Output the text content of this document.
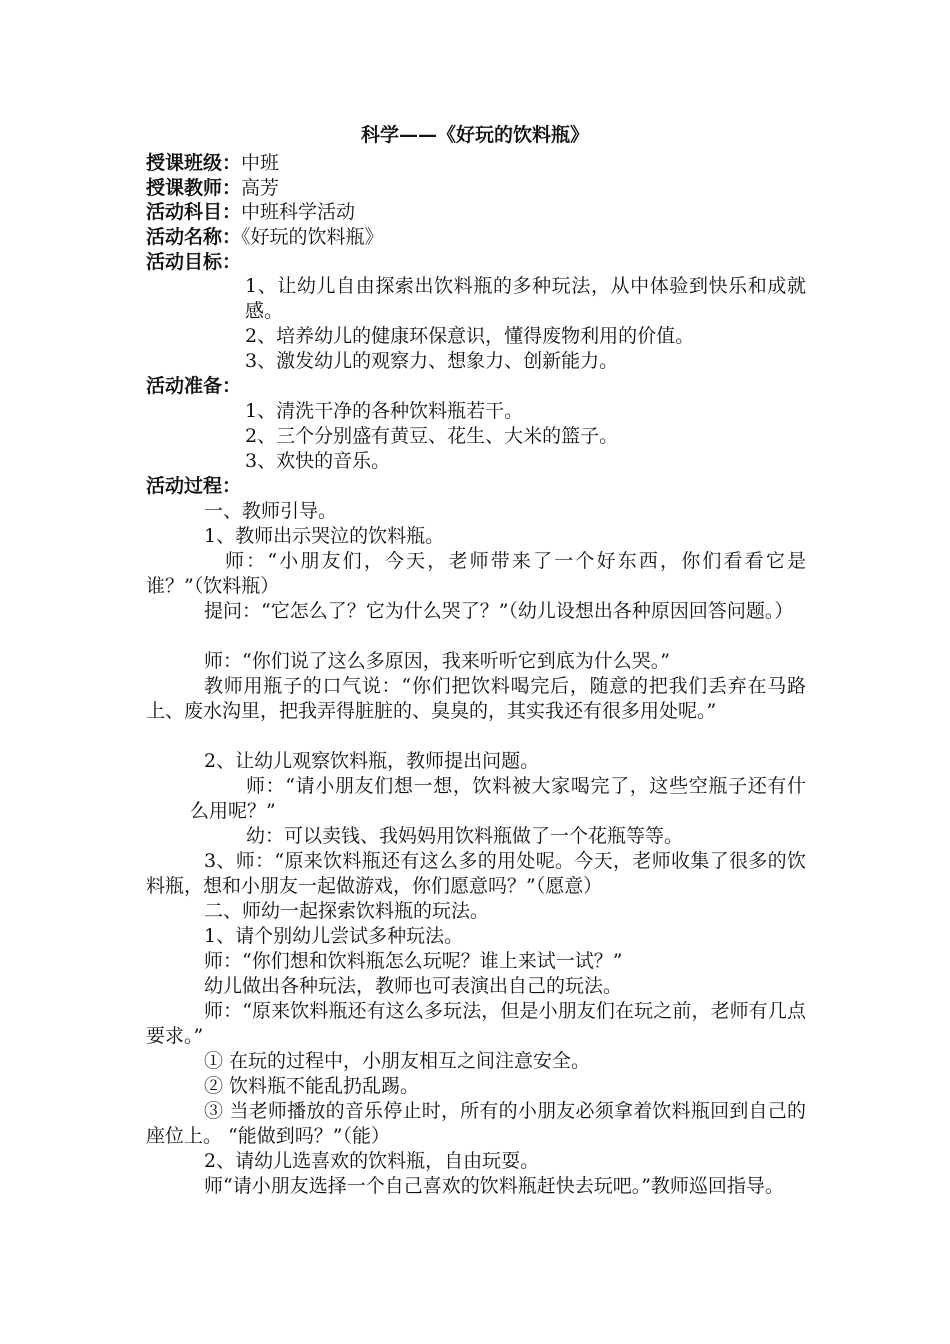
科学——《好玩的饮料瓶》
授课班级：中班
授课教师：高芳
活动科目：中班科学活动
活动名称：《好玩的饮料瓶》
活动目标：

1、让幼儿自由探索出饮料瓶的多种玩法，从中体验到快乐和成就感。

2、培养幼儿的健康环保意识，懂得废物利用的价值。

3、激发幼儿的观察力、想象力、创新能力。

活动准备：

1、清洗干净的各种饮料瓶若干。

2、三个分别盛有黄豆、花生、大米的篮子。

3、欢快的音乐。

活动过程：

一、教师引导。

1、教师出示哭泣的饮料瓶。

师：“小朋友们，今天，老师带来了一个好东西，你们看看它是谁？”（饮料瓶）

提问：“它怎么了？它为什么哭了？”（幼儿设想出各种原因回答问题。）

师：“你们说了这么多原因，我来听听它到底为什么哭。”

教师用瓶子的口气说：“你们把饮料喝完后，随意的把我们丢弃在马路上、废水沟里，把我弄得脏脏的、臭臭的，其实我还有很多用处呢。”

2、让幼儿观察饮料瓶，教师提出问题。

师：“请小朋友们想一想，饮料被大家喝完了，这些空瓶子还有什么用呢？”

幼：可以卖钱、我妈妈用饮料瓶做了一个花瓶等等。

3、师：“原来饮料瓶还有这么多的用处呢。今天，老师收集了很多的饮料瓶，想和小朋友一起做游戏，你们愿意吗？”（愿意）

二、师幼一起探索饮料瓶的玩法。

1、请个别幼儿尝试多种玩法。

师：“你们想和饮料瓶怎么玩呢？谁上来试一试？”

幼儿做出各种玩法，教师也可表演出自己的玩法。

师：“原来饮料瓶还有这么多玩法，但是小朋友们在玩之前，老师有几点要求。”

① 在玩的过程中，小朋友相互之间注意安全。

② 饮料瓶不能乱扔乱踢。

③ 当老师播放的音乐停止时，所有的小朋友必须拿着饮料瓶回到自己的座位上。 “能做到吗？”（能）

2、请幼儿选喜欢的饮料瓶，自由玩耍。

师“请小朋友选择一个自己喜欢的饮料瓶赶快去玩吧。”教师巡回指导。
